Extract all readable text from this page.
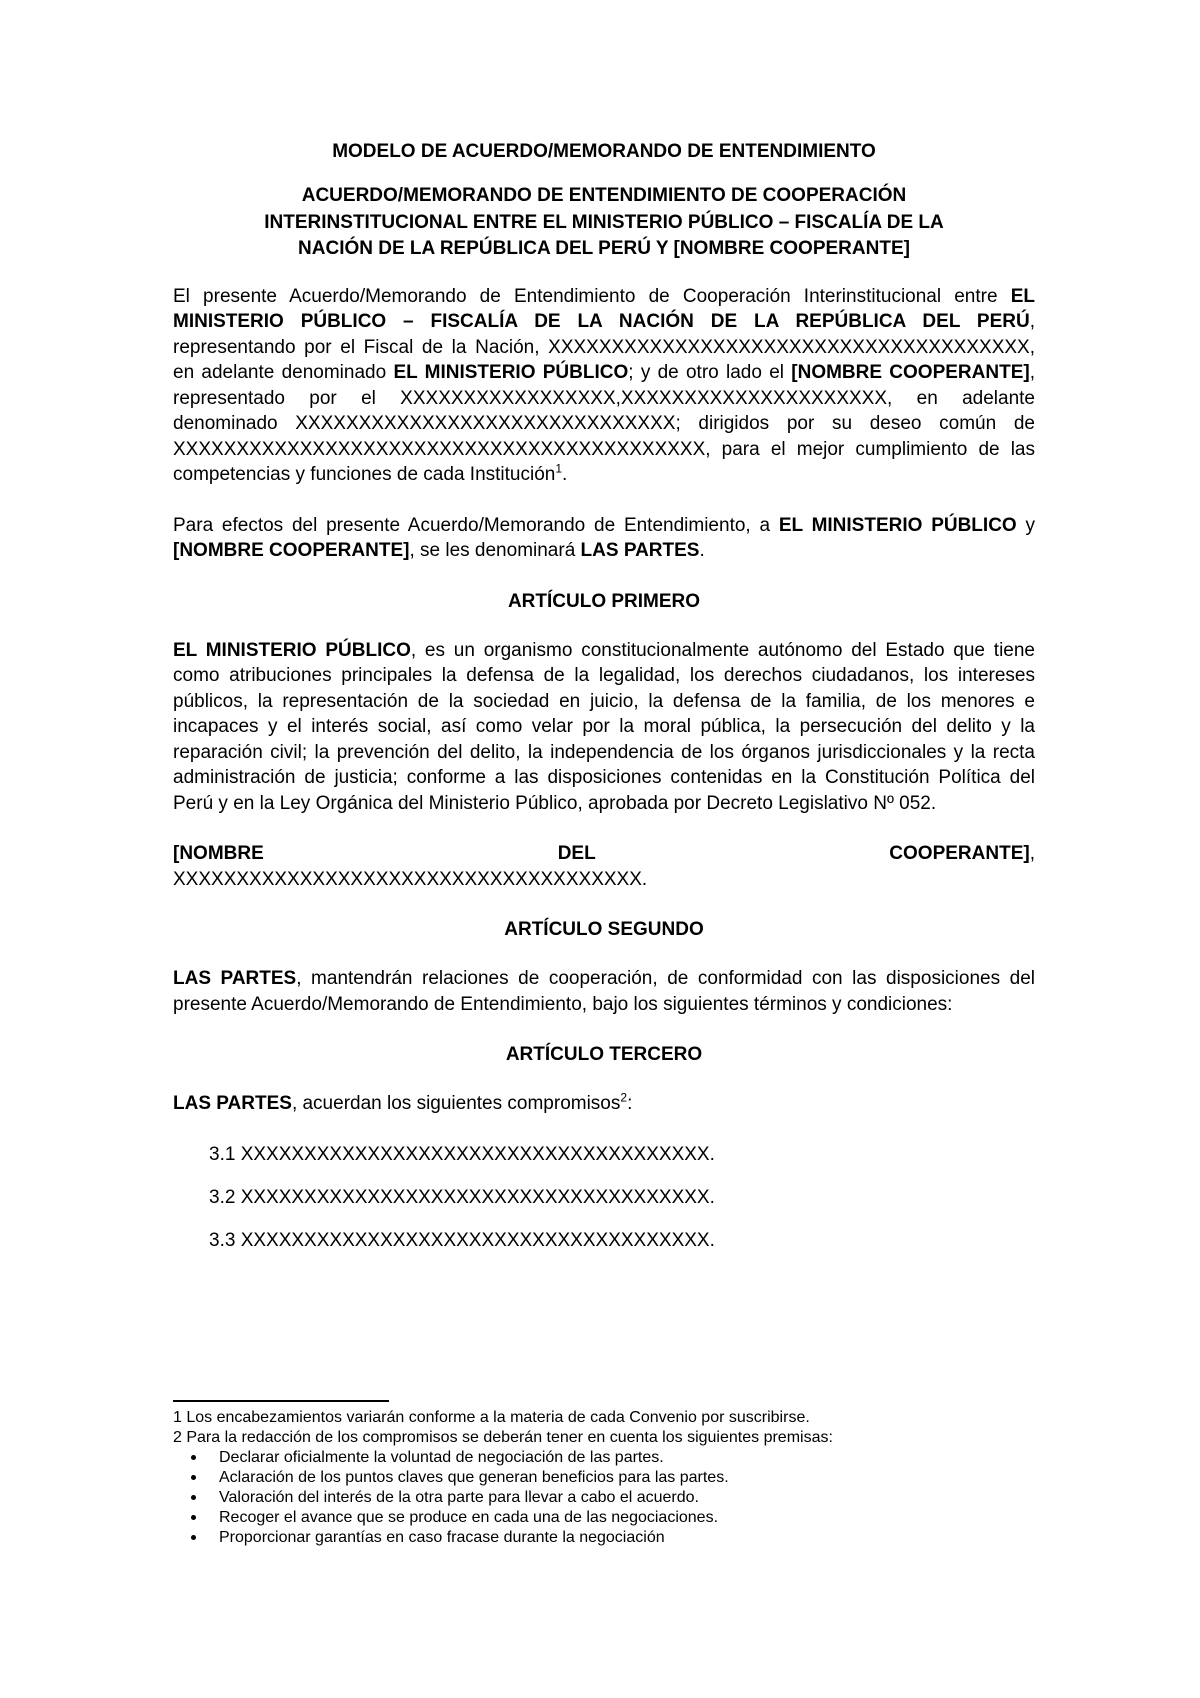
MODELO DE ACUERDO/MEMORANDO DE ENTENDIMIENTO
ACUERDO/MEMORANDO DE ENTENDIMIENTO DE COOPERACIÓN
INTERINSTITUCIONAL ENTRE EL MINISTERIO PÚBLICO – FISCALÍA DE LA
NACIÓN DE LA REPÚBLICA DEL PERÚ Y [NOMBRE COOPERANTE]

El presente Acuerdo/Memorando de Entendimiento de Cooperación Interinstitucional entre EL MINISTERIO PÚBLICO – FISCALÍA DE LA NACIÓN DE LA REPÚBLICA DEL PERÚ, representando por el Fiscal de la Nación, XXXXXXXXXXXXXXXXXXXXXXXXXXXXXXXXXXXXXX, en adelante denominado EL MINISTERIO PÚBLICO; y de otro lado el [NOMBRE COOPERANTE], representado por el XXXXXXXXXXXXXXXXX,XXXXXXXXXXXXXXXXXXXXX, en adelante denominado XXXXXXXXXXXXXXXXXXXXXXXXXXXXXX; dirigidos por su deseo común de XXXXXXXXXXXXXXXXXXXXXXXXXXXXXXXXXXXXXXXXXX, para el mejor cumplimiento de las competencias y funciones de cada Institución$^1$.

Para efectos del presente Acuerdo/Memorando de Entendimiento, a EL MINISTERIO PÚBLICO y [NOMBRE COOPERANTE], se les denominará LAS PARTES.

ARTÍCULO PRIMERO

EL MINISTERIO PÚBLICO, es un organismo constitucionalmente autónomo del Estado que tiene como atribuciones principales la defensa de la legalidad, los derechos ciudadanos, los intereses públicos, la representación de la sociedad en juicio, la defensa de la familia, de los menores e incapaces y el interés social, así como velar por la moral pública, la persecución del delito y la reparación civil; la prevención del delito, la independencia de los órganos jurisdiccionales y la recta administración de justicia; conforme a las disposiciones contenidas en la Constitución Política del Perú y en la Ley Orgánica del Ministerio Público, aprobada por Decreto Legislativo Nº 052.

[NOMBRE DEL COOPERANTE],

XXXXXXXXXXXXXXXXXXXXXXXXXXXXXXXXXXXXX.

ARTÍCULO SEGUNDO

LAS PARTES, mantendrán relaciones de cooperación, de conformidad con las disposiciones del presente Acuerdo/Memorando de Entendimiento, bajo los siguientes términos y condiciones:

ARTÍCULO TERCERO

LAS PARTES, acuerdan los siguientes compromisos$^2$:

3.1 XXXXXXXXXXXXXXXXXXXXXXXXXXXXXXXXXXXXX.
3.2 XXXXXXXXXXXXXXXXXXXXXXXXXXXXXXXXXXXXX.
3.3 XXXXXXXXXXXXXXXXXXXXXXXXXXXXXXXXXXXXX.

1 Los encabezamientos variarán conforme a la materia de cada Convenio por suscribirse.

2 Para la redacción de los compromisos se deberán tener en cuenta los siguientes premisas:

Declarar oficialmente la voluntad de negociación de las partes.
Aclaración de los puntos claves que generan beneficios para las partes.
Valoración del interés de la otra parte para llevar a cabo el acuerdo.
Recoger el avance que se produce en cada una de las negociaciones.
Proporcionar garantías en caso fracase durante la negociación
